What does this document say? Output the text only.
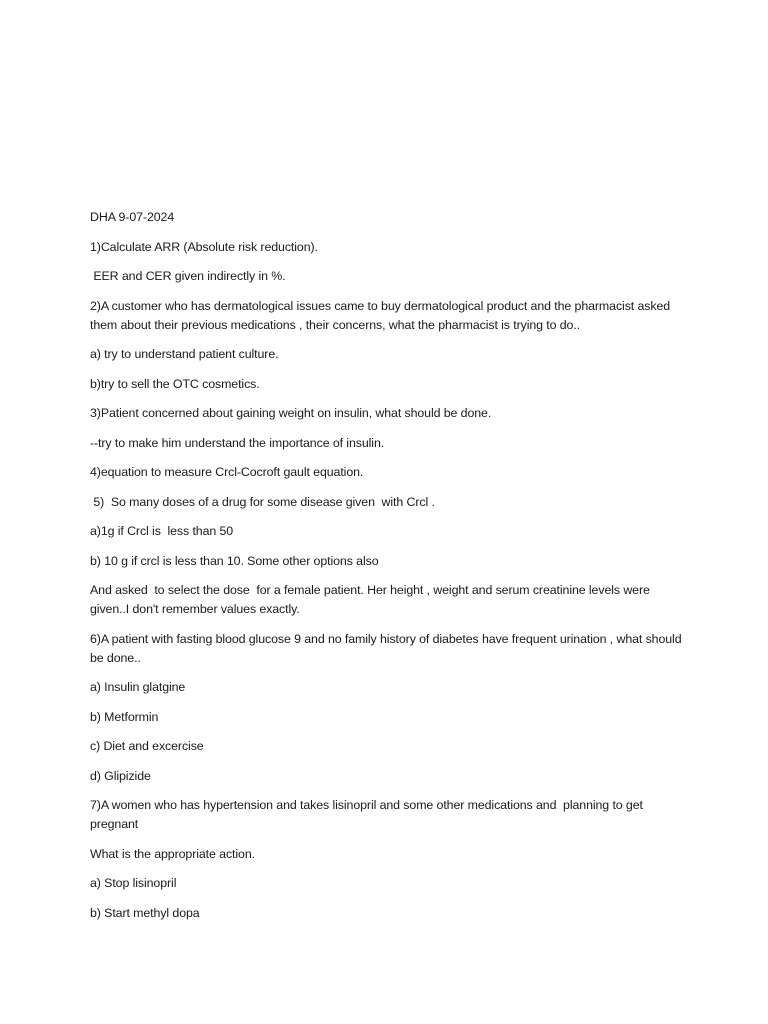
DHA 9-07-2024

1)Calculate ARR (Absolute risk reduction).

EER and CER given indirectly in %.

2)A customer who has dermatological issues came to buy dermatological product and the pharmacist asked them about their previous medications , their concerns, what the pharmacist is trying to do..

a) try to understand patient culture.

b)try to sell the OTC cosmetics.

3)Patient concerned about gaining weight on insulin, what should be done.

--try to make him understand the importance of insulin.

4)equation to measure Crcl-Cocroft gault equation.

5)  So many doses of a drug for some disease given  with Crcl .

a)1g if Crcl is  less than 50

b) 10 g if crcl is less than 10. Some other options also

And asked  to select the dose  for a female patient. Her height , weight and serum creatinine levels were given..I don't remember values exactly.

6)A patient with fasting blood glucose 9 and no family history of diabetes have frequent urination , what should be done..

a) Insulin glatgine

b) Metformin

c) Diet and excercise

d) Glipizide

7)A women who has hypertension and takes lisinopril and some other medications and  planning to get pregnant

What is the appropriate action.

a) Stop lisinopril

b) Start methyl dopa
